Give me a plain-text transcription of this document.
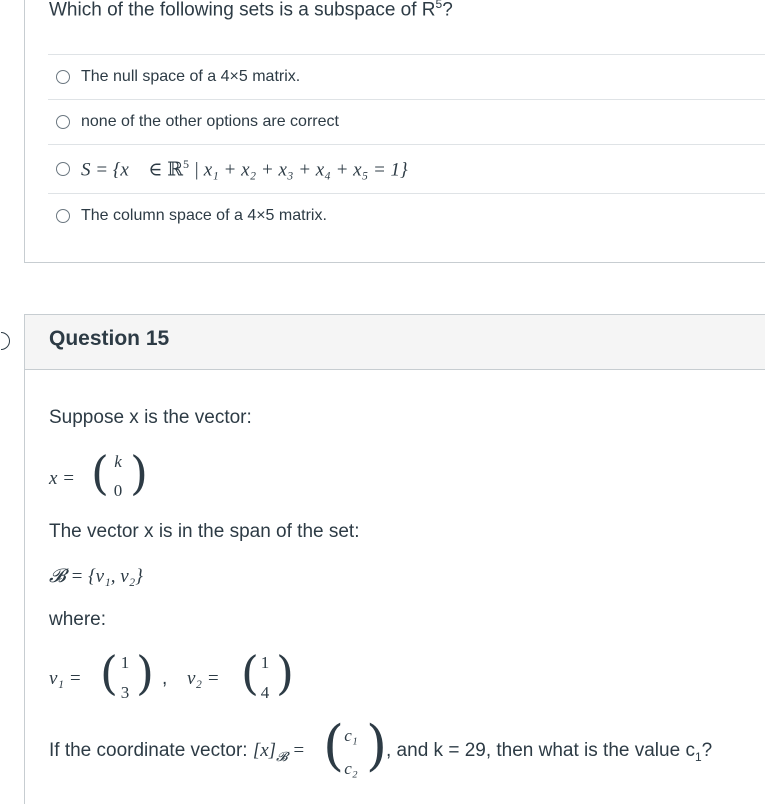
Which of the following sets is a subspace of $R^5$?
The null space of a 4×5 matrix.
none of the other options are correct
S = {x⃗ ∈ ℝ$^5$ | x₁ + x₂ + x₃ + x₄ + x₅ = 1}
The column space of a 4×5 matrix.
Question 15
Suppose x is the vector:
x = ( k
0 )
The vector x is in the span of the set:
𝓑 = {v₁, v₂}
where:
v₁ = ( 1
3 ) , v₂ = ( 1
4 )
If the coordinate vector: $[x]_𝓑$ = ( c₁
c₂ )
, and k = 29, then what is the value $c_1$?
